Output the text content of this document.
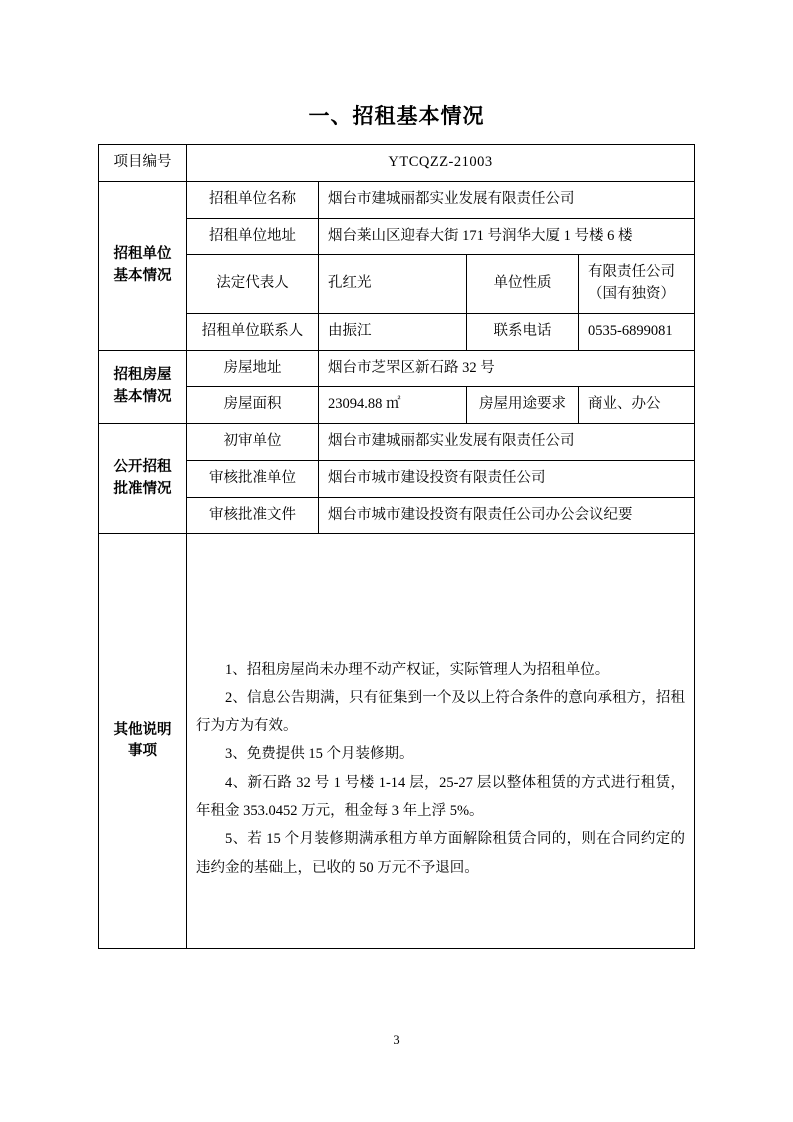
一、招租基本情况
项目编号	YTCQZZ-21003			

招租单位
基本情况	招租单位名称	烟台市建城丽都实业发展有限责任公司		
	招租单位地址	烟台莱山区迎春大街 171 号润华大厦 1 号楼 6 楼		
	法定代表人	孔红光	单位性质	有限责任公司（国有独资）
	招租单位联系人	由振江	联系电话	0535-6899081

招租房屋
基本情况	房屋地址	烟台市芝罘区新石路 32 号		
	房屋面积	23094.88 ㎡	房屋用途要求	商业、办公

公开招租
批准情况	初审单位	烟台市建城丽都实业发展有限责任公司		
	审核批准单位	烟台市城市建设投资有限责任公司		
	审核批准文件	烟台市城市建设投资有限责任公司办公会议纪要		

其他说明
事项

1、招租房屋尚未办理不动产权证，实际管理人为招租单位。

2、信息公告期满，只有征集到一个及以上符合条件的意向承租方，招租行为方为有效。

3、免费提供 15 个月装修期。

4、新石路 32 号 1 号楼 1-14 层，25-27 层以整体租赁的方式进行租赁，年租金 353.0452 万元，租金每 3 年上浮 5%。

5、若 15 个月装修期满承租方单方面解除租赁合同的，则在合同约定的违约金的基础上，已收的 50 万元不予退回。

3
